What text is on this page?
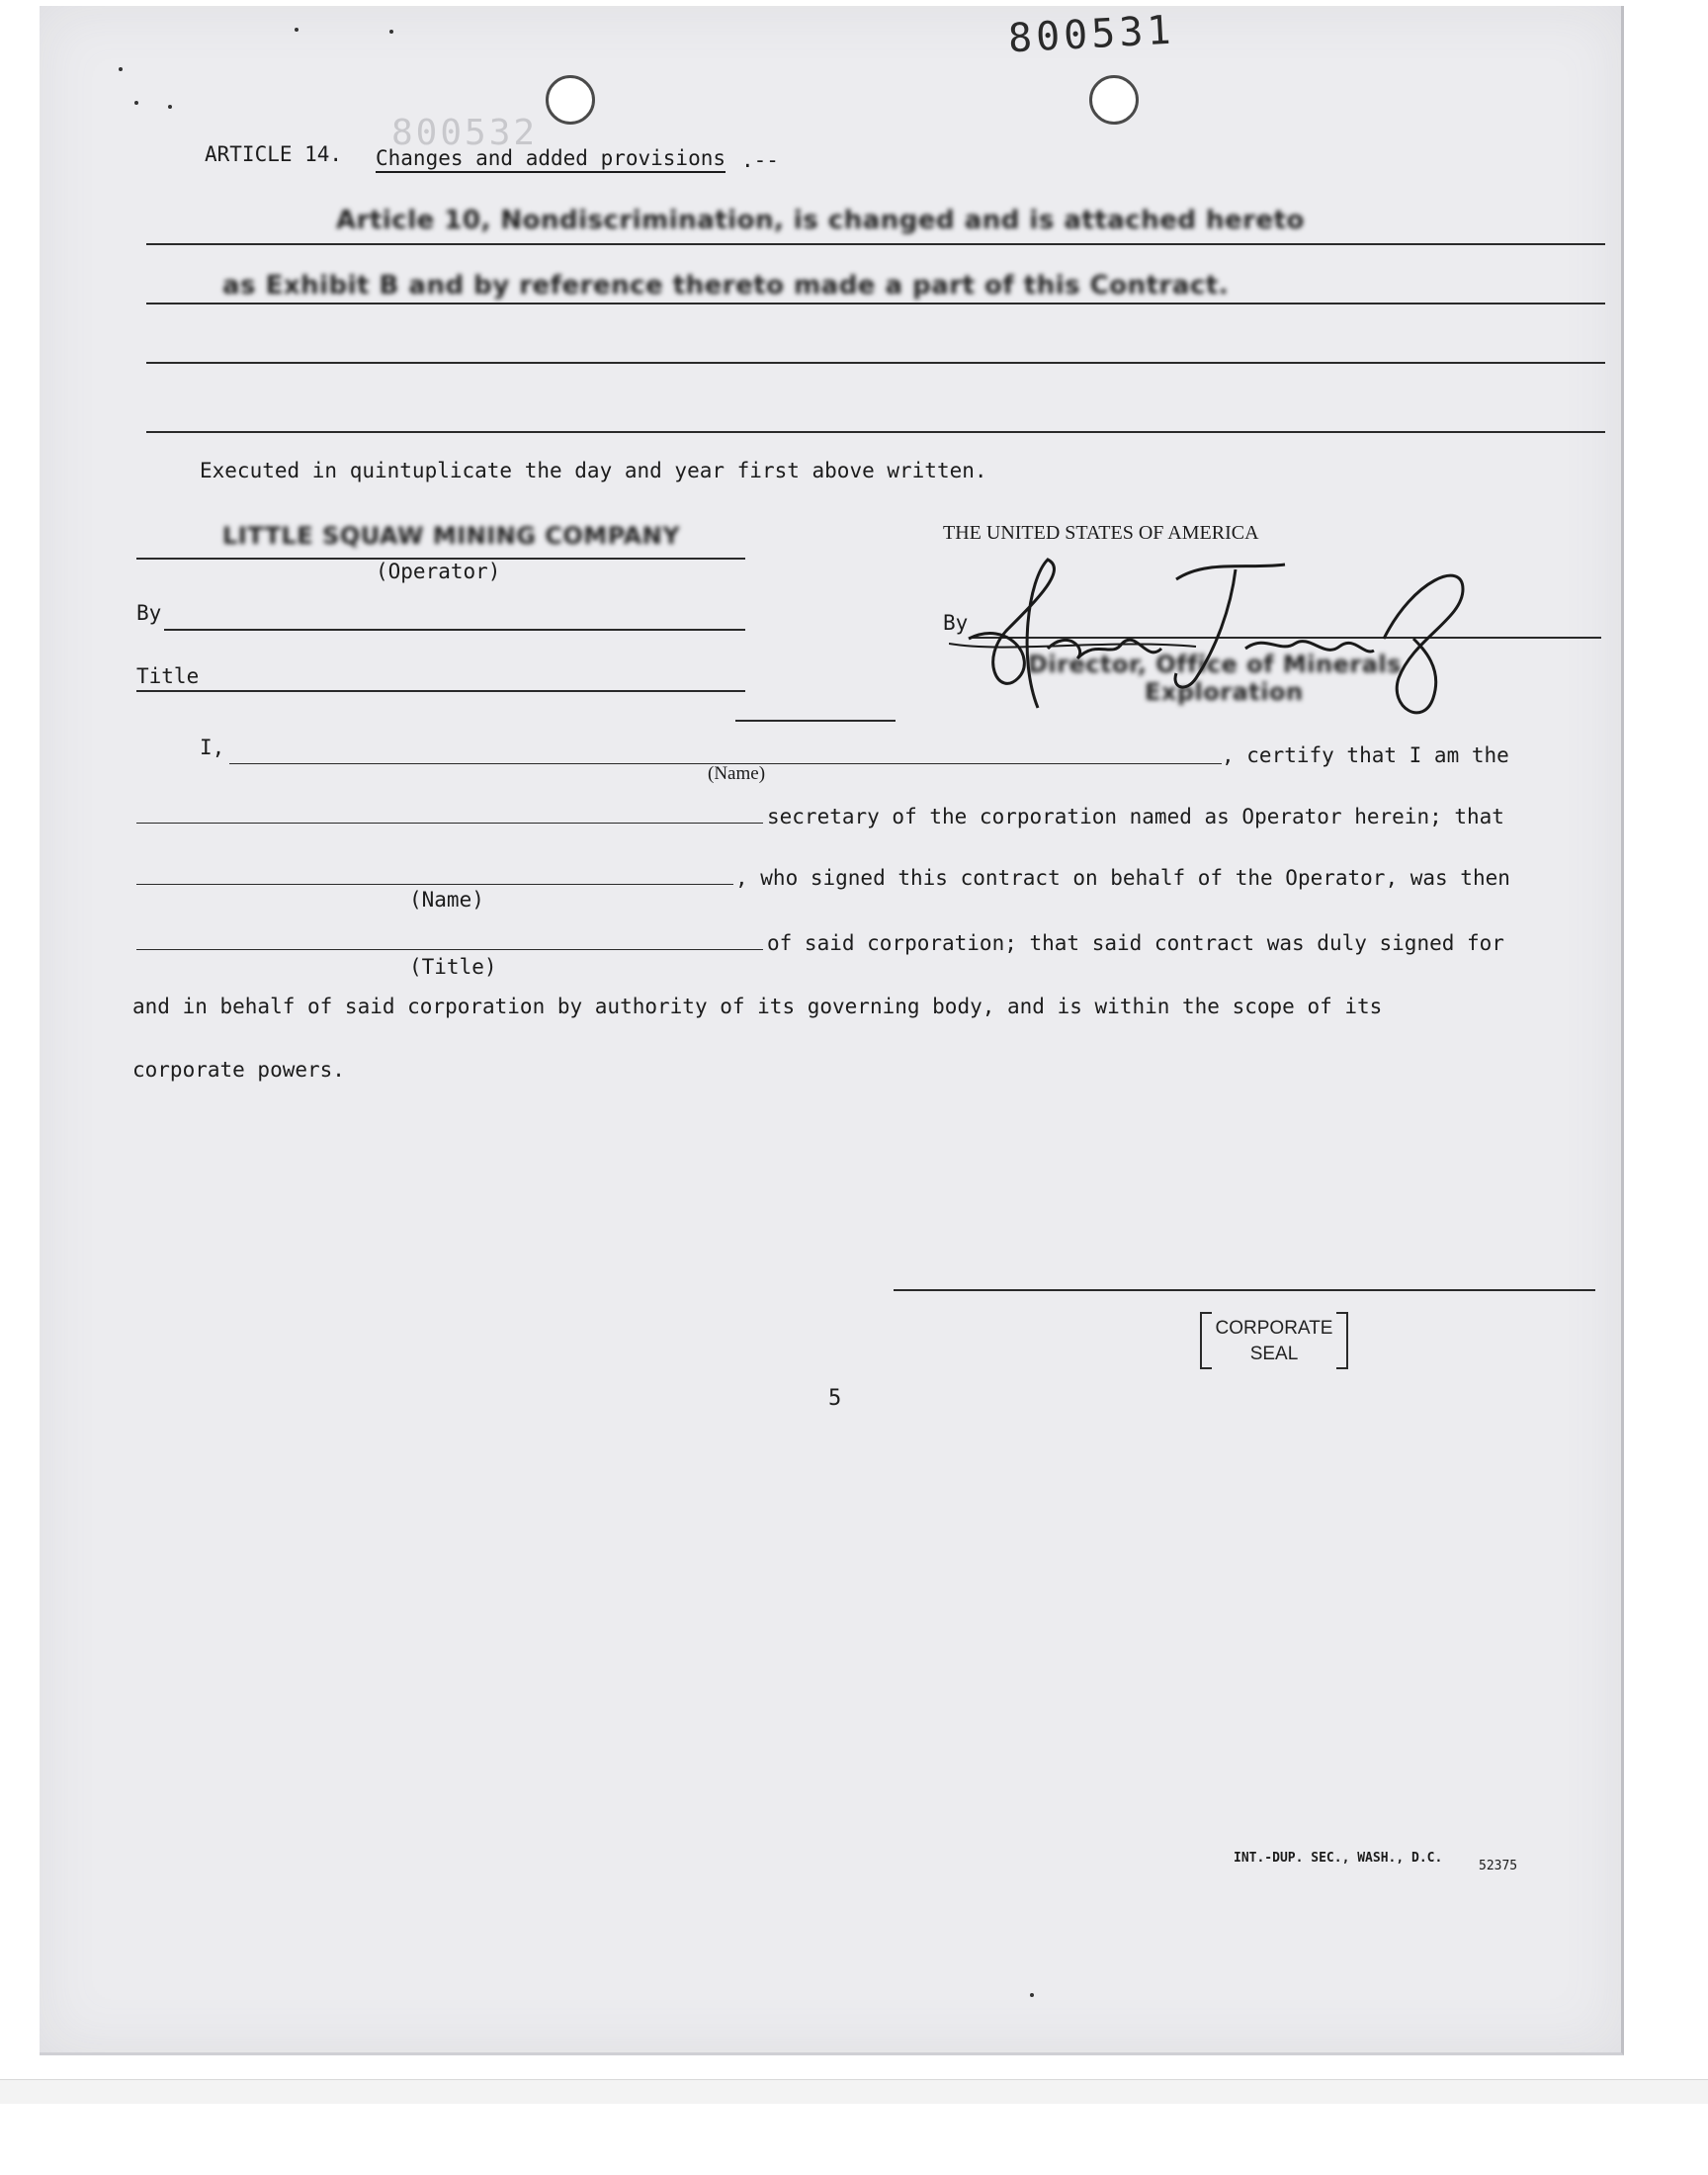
800531
800532
ARTICLE 14. Changes and added provisions .--
Article 10, Nondiscrimination, is changed and is attached hereto
as Exhibit B and by reference thereto made a part of this Contract.
Executed in quintuplicate the day and year first above written.
LITTLE SQUAW MINING COMPANY
(Operator)
By
Title
THE UNITED STATES OF AMERICA
By
Director, Office of Minerals
Exploration
I,
(Name)
, certify that I am the
secretary of the corporation named as Operator herein; that
, who signed this contract on behalf of the Operator, was then
(Name)
of said corporation; that said contract was duly signed for
(Title)
and in behalf of said corporation by authority of its governing body, and is within the scope of its
corporate powers.
CORPORATE
SEAL
5
INT.-DUP. SEC., WASH., D.C.
52375
